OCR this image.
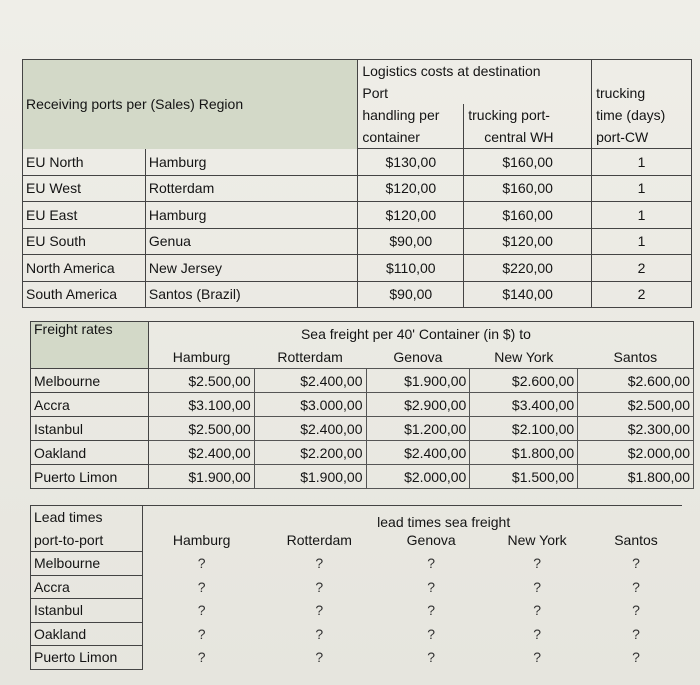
Receiving ports per (Sales) Region		Logistics costs at destination		
		Port		trucking
		handling per	trucking port-	time (days)
		container	central WH	port-CW
EU North	Hamburg	$130,00	$160,00	1
EU West	Rotterdam	$120,00	$160,00	1
EU East	Hamburg	$120,00	$160,00	1
EU South	Genua	$90,00	$120,00	1
North America	New Jersey	$110,00	$220,00	2
South America	Santos (Brazil)	$90,00	$140,00	2
Freight rates		Sea freight per 40' Container (in $) to			
	Hamburg	Rotterdam	Genova	New York	Santos
Melbourne	$2.500,00	$2.400,00	$1.900,00	$2.600,00	$2.600,00
Accra	$3.100,00	$3.000,00	$2.900,00	$3.400,00	$2.500,00
Istanbul	$2.500,00	$2.400,00	$1.200,00	$2.100,00	$2.300,00
Oakland	$2.400,00	$2.200,00	$2.400,00	$1.800,00	$2.000,00
Puerto Limon	$1.900,00	$1.900,00	$2.000,00	$1.500,00	$1.800,00
Lead times		lead times sea freight			
port-to-port	Hamburg	Rotterdam	Genova	New York	Santos
Melbourne	?	?	?	?	?
Accra	?	?	?	?	?
Istanbul	?	?	?	?	?
Oakland	?	?	?	?	?
Puerto Limon	?	?	?	?	?
